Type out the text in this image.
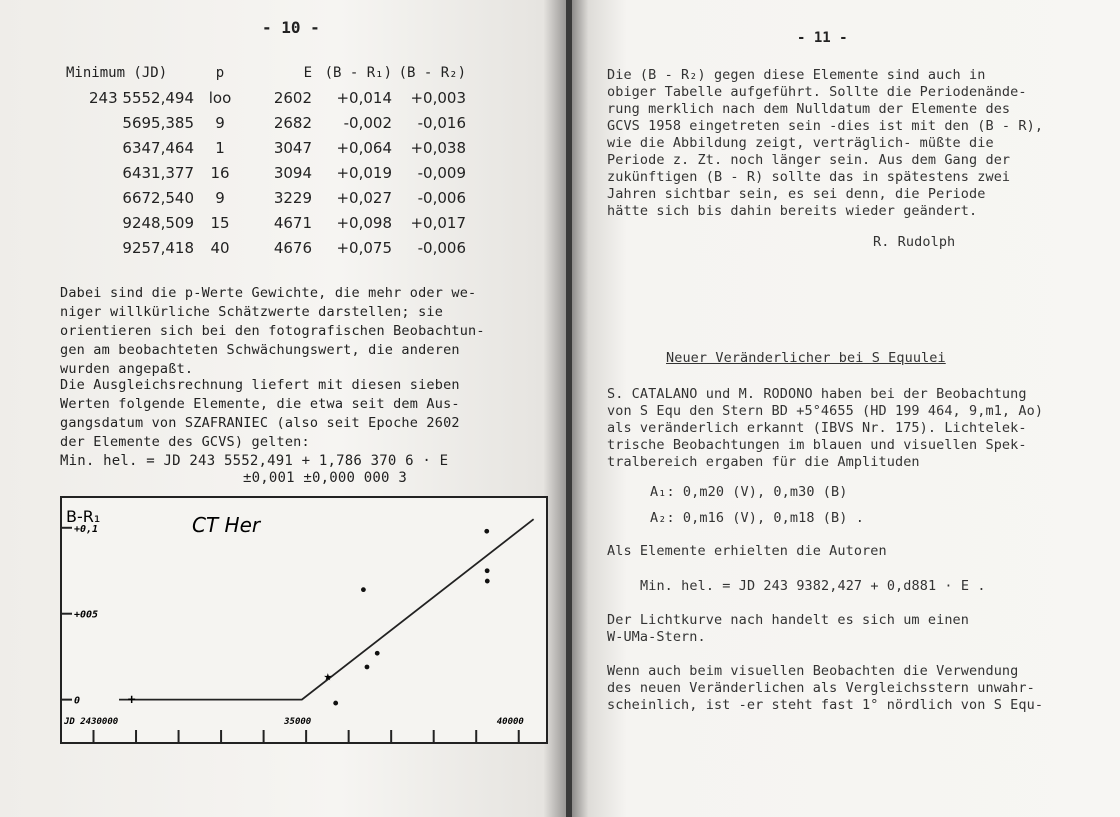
- 10 -
Minimum (JD)	p	E	(B - R₁)	(B - R₂)
243 5552,494	loo	2602	+0,014	+0,003
5695,385	9	2682	-0,002	-0,016
6347,464	1	3047	+0,064	+0,038
6431,377	16	3094	+0,019	-0,009
6672,540	9	3229	+0,027	-0,006
9248,509	15	4671	+0,098	+0,017
9257,418	40	4676	+0,075	-0,006
Dabei sind die p-Werte Gewichte, die mehr oder we-
niger willkürliche Schätzwerte darstellen; sie
orientieren sich bei den fotografischen Beobachtun-
gen am beobachteten Schwächungswert, die anderen
wurden angepaßt.
Die Ausgleichsrechnung liefert mit diesen sieben
Werten folgende Elemente, die etwa seit dem Aus-
gangsdatum von SZAFRANIEC (also seit Epoche 2602
der Elemente des GCVS) gelten:
Min. hel. = JD 243 5552,491 + 1,786 370 6 · E
±0,001 ±0,000 000 3
CT Her
B-R₁
0
+005
+0,1
JD 2430000	35000	40000
★
+
- 11 -
Die (B - R₂) gegen diese Elemente sind auch in
obiger Tabelle aufgeführt. Sollte die Periodenände-
rung merklich nach dem Nulldatum der Elemente des
GCVS 1958 eingetreten sein -dies ist mit den (B - R),
wie die Abbildung zeigt, verträglich- müßte die
Periode z. Zt. noch länger sein. Aus dem Gang der
zukünftigen (B - R) sollte das in spätestens zwei
Jahren sichtbar sein, es sei denn, die Periode
hätte sich bis dahin bereits wieder geändert.
R. Rudolph
Neuer Veränderlicher bei S Equulei
S. CATALANO und M. RODONO haben bei der Beobachtung
von S Equ den Stern BD +5°4655 (HD 199 464, 9,m1, Ao)
als veränderlich erkannt (IBVS Nr. 175). Lichtelek-
trische Beobachtungen im blauen und visuellen Spek-
tralbereich ergaben für die Amplituden
A₁: 0,m20 (V), 0,m30 (B)
A₂: 0,m16 (V), 0,m18 (B) .
Als Elemente erhielten die Autoren
Min. hel. = JD 243 9382,427 + 0,d881 · E .
Der Lichtkurve nach handelt es sich um einen
W-UMa-Stern.
Wenn auch beim visuellen Beobachten die Verwendung
des neuen Veränderlichen als Vergleichsstern unwahr-
scheinlich, ist -er steht fast 1° nördlich von S Equ-
